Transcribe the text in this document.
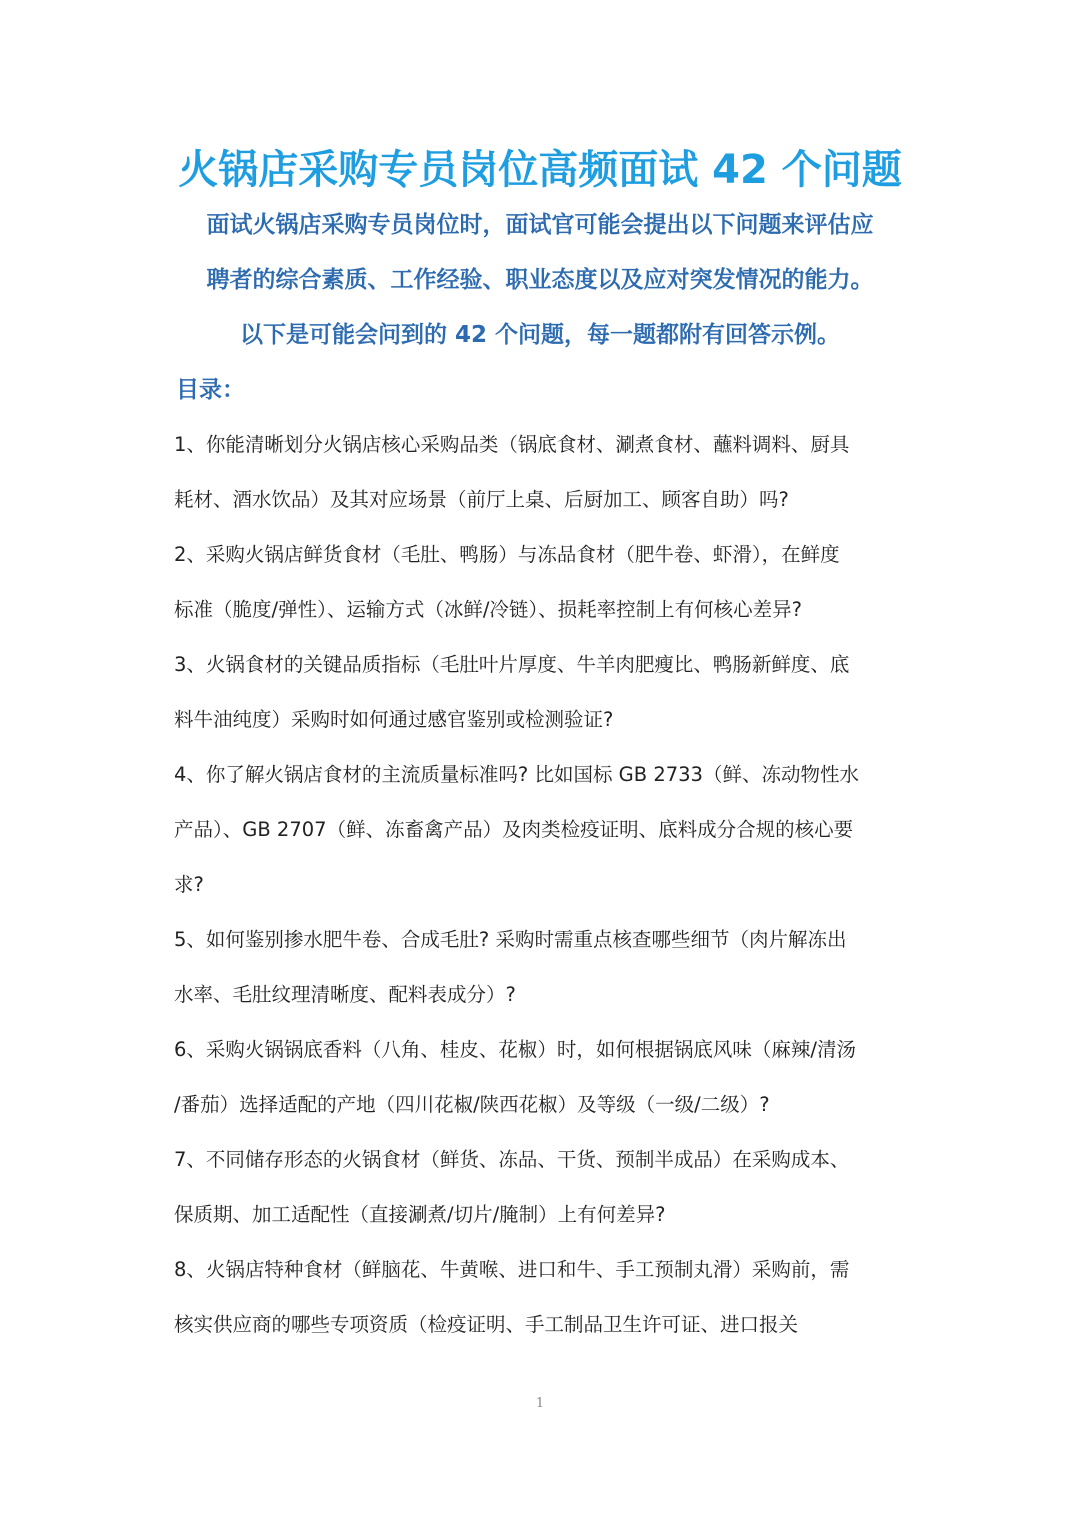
火锅店采购专员岗位高频面试 42 个问题
面试火锅店采购专员岗位时，面试官可能会提出以下问题来评估应
聘者的综合素质、工作经验、职业态度以及应对突发情况的能力。
以下是可能会问到的 42 个问题，每一题都附有回答示例。
目录：
1、你能清晰划分火锅店核心采购品类（锅底食材、涮煮食材、蘸料调料、厨具
耗材、酒水饮品）及其对应场景（前厅上桌、后厨加工、顾客自助）吗?
2、采购火锅店鲜货食材（毛肚、鸭肠）与冻品食材（肥牛卷、虾滑），在鲜度
标准（脆度/弹性）、运输方式（冰鲜/冷链）、损耗率控制上有何核心差异?
3、火锅食材的关键品质指标（毛肚叶片厚度、牛羊肉肥瘦比、鸭肠新鲜度、底
料牛油纯度）采购时如何通过感官鉴别或检测验证?
4、你了解火锅店食材的主流质量标准吗? 比如国标 GB 2733（鲜、冻动物性水
产品）、GB 2707（鲜、冻畜禽产品）及肉类检疫证明、底料成分合规的核心要
求?
5、如何鉴别掺水肥牛卷、合成毛肚? 采购时需重点核查哪些细节（肉片解冻出
水率、毛肚纹理清晰度、配料表成分）?
6、采购火锅锅底香料（八角、桂皮、花椒）时，如何根据锅底风味（麻辣/清汤
/番茄）选择适配的产地（四川花椒/陕西花椒）及等级（一级/二级）?
7、不同储存形态的火锅食材（鲜货、冻品、干货、预制半成品）在采购成本、
保质期、加工适配性（直接涮煮/切片/腌制）上有何差异?
8、火锅店特种食材（鲜脑花、牛黄喉、进口和牛、手工预制丸滑）采购前，需
核实供应商的哪些专项资质（检疫证明、手工制品卫生许可证、进口报关
1
